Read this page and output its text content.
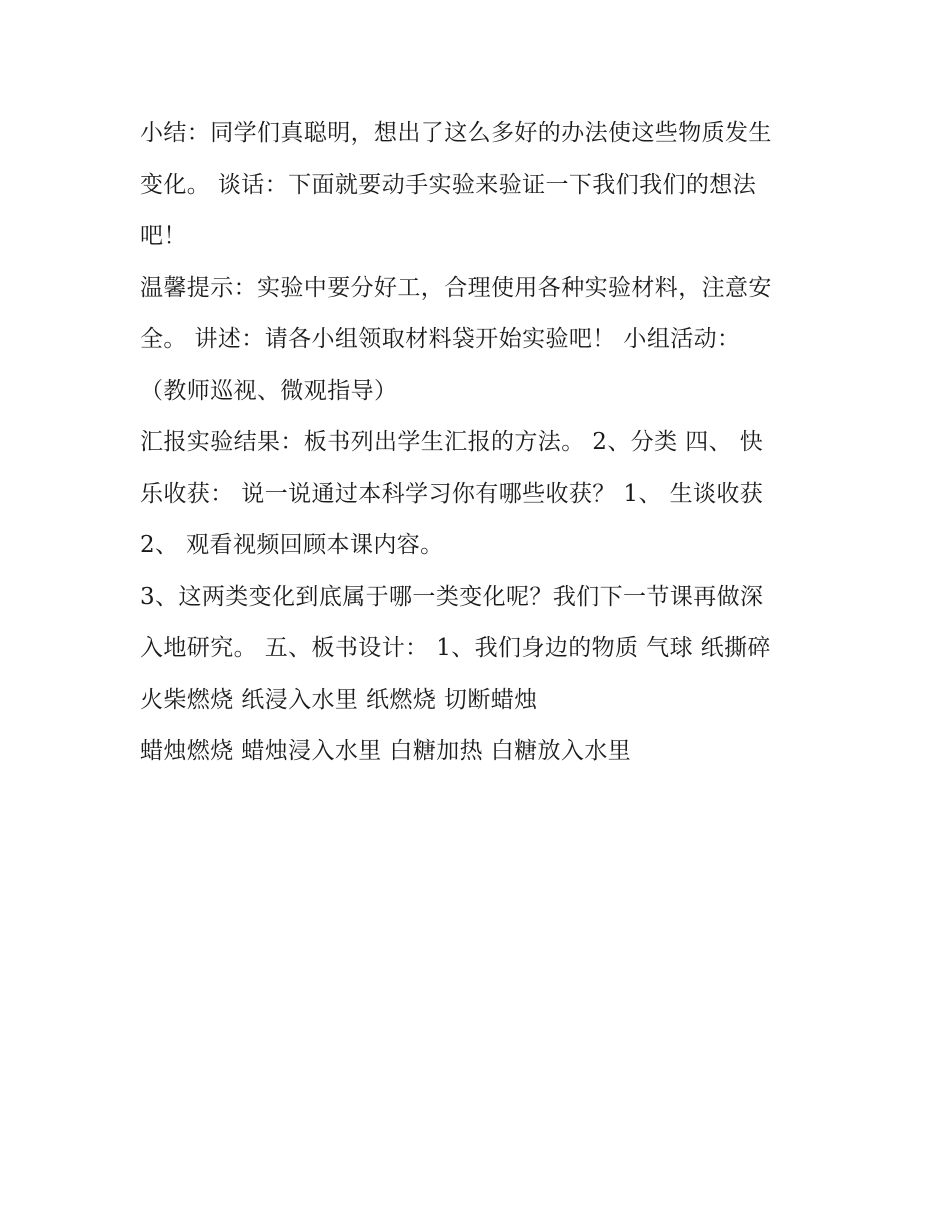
小结：同学们真聪明，想出了这么多好的办法使这些物质发生
变化。 谈话：下面就要动手实验来验证一下我们我们的想法
吧！
温馨提示：实验中要分好工，合理使用各种实验材料，注意安
全。 讲述：请各小组领取材料袋开始实验吧！ 小组活动：
（教师巡视、微观指导）
汇报实验结果：板书列出学生汇报的方法。 2、分类 四、 快
乐收获： 说一说通过本科学习你有哪些收获？ 1、 生谈收获
2、 观看视频回顾本课内容。
3、这两类变化到底属于哪一类变化呢？我们下一节课再做深
入地研究。 五、板书设计： 1、我们身边的物质 气球 纸撕碎
火柴燃烧 纸浸入水里 纸燃烧 切断蜡烛
蜡烛燃烧 蜡烛浸入水里 白糖加热 白糖放入水里
